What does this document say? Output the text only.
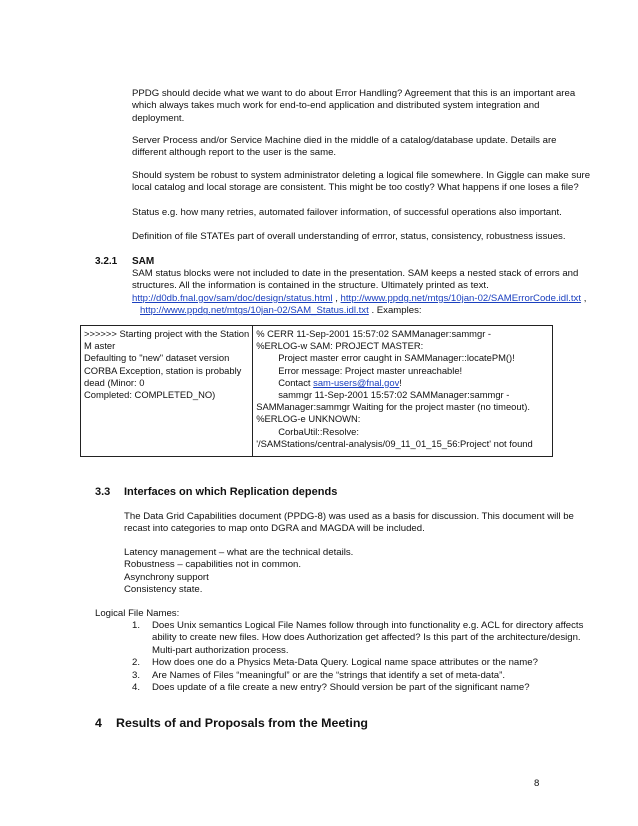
PPDG should decide what we want to do about Error Handling? Agreement that this is an important area
which always takes much work for end-to-end application and distributed system integration and
deployment.
Server Process and/or Service Machine died in the middle of a catalog/database update. Details are
different although report to the user is the same.
Should system be robust to system administrator deleting a logical file somewhere. In Giggle can make sure
local catalog and local storage are consistent. This might be too costly? What happens if one loses a file?
Status e.g. how many retries, automated failover information, of successful operations also important.
Definition of file STATEs part of overall understanding of errror, status, consistency, robustness issues.
3.2.1 SAM
SAM status blocks were not included to date in the presentation. SAM keeps a nested stack of errors and
structures. All the information is contained in the structure. Ultimately printed as text.
http://d0db.fnal.gov/sam/doc/design/status.html , http://www.ppdg.net/mtgs/10jan-02/SAMErrorCode.idl.txt ,
http://www.ppdg.net/mtgs/10jan-02/SAM_Status.idl.txt . Examples:
>>>>>> Starting project with the Station
M aster
Defaulting to "new" dataset version
CORBA Exception, station is probably
dead (Minor: 0
Completed: COMPLETED_NO)

% CERR 11-Sep-2001 15:57:02 SAMManager:sammgr -
%ERLOG-w SAM: PROJECT MASTER:
Project master error caught in SAMManager::locatePM()!
Error message: Project master unreachable!
Contact sam-users@fnal.gov!
sammgr 11-Sep-2001 15:57:02 SAMManager:sammgr -
SAMManager:sammgr Waiting for the project master (no timeout).
%ERLOG-e UNKNOWN:
CorbaUtil::Resolve:
'/SAMStations/central-analysis/09_11_01_15_56:Project' not found
3.3 Interfaces on which Replication depends
The Data Grid Capabilities document (PPDG-8) was used as a basis for discussion. This document will be
recast into categories to map onto DGRA and MAGDA will be included.
Latency management – what are the technical details.
Robustness – capabilities not in common.
Asynchrony support
Consistency state.
Logical File Names:
1. Does Unix semantics Logical File Names follow through into functionality e.g. ACL for directory affects
ability to create new files. How does Authorization get affected? Is this part of the architecture/design.
Multi-part authorization process.
2. How does one do a Physics Meta-Data Query. Logical name space attributes or the name?
3. Are Names of Files “meaningful” or are the “strings that identify a set of meta-data”.
4. Does update of a file create a new entry? Should version be part of the significant name?
4 Results of and Proposals from the Meeting
8
